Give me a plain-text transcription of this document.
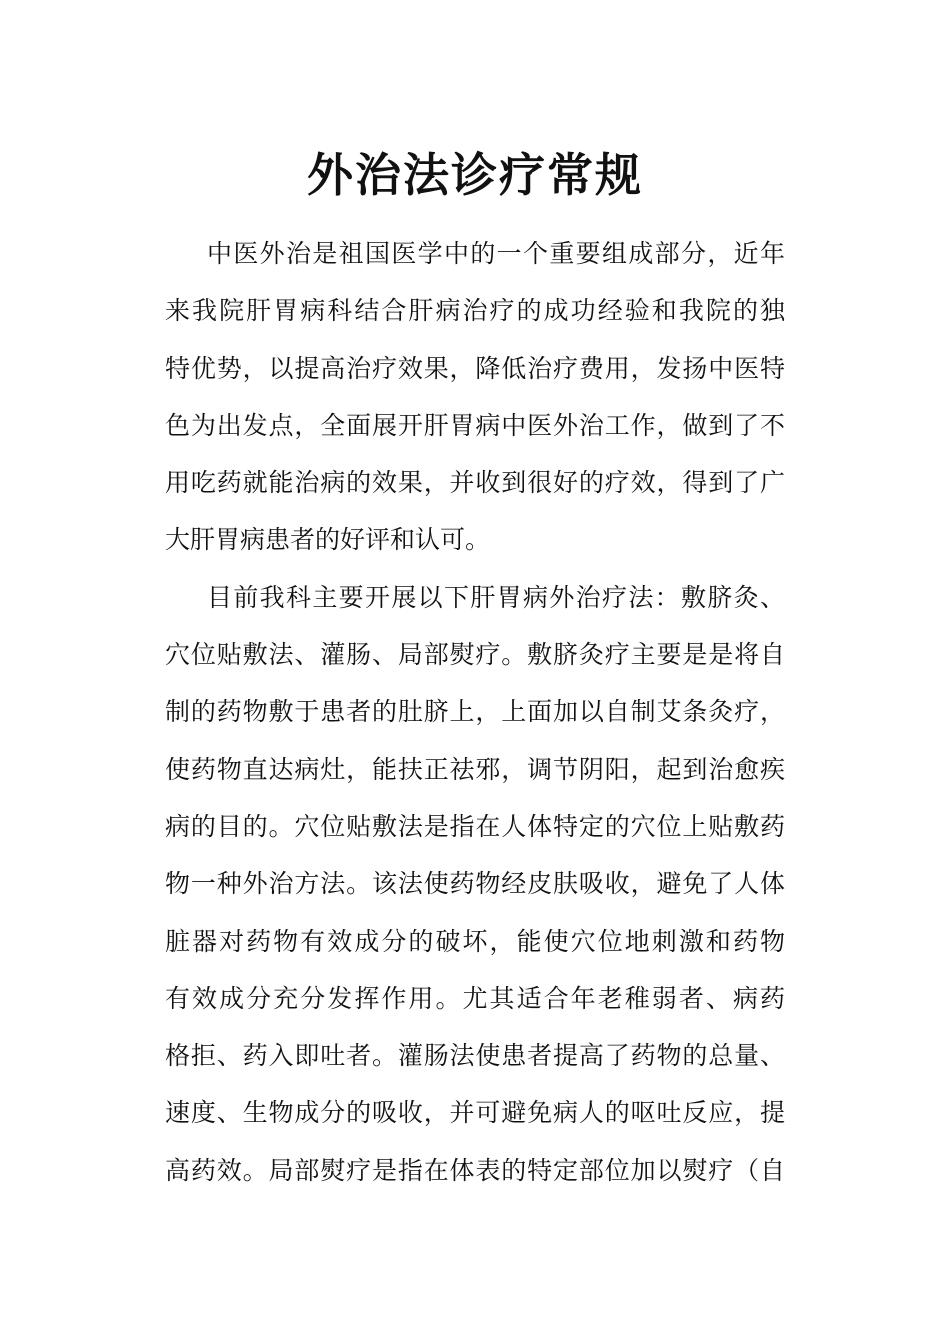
外治法诊疗常规
中医外治是祖国医学中的一个重要组成部分，近年
来我院肝胃病科结合肝病治疗的成功经验和我院的独
特优势，以提高治疗效果，降低治疗费用，发扬中医特
色为出发点，全面展开肝胃病中医外治工作，做到了不
用吃药就能治病的效果，并收到很好的疗效，得到了广
大肝胃病患者的好评和认可。
目前我科主要开展以下肝胃病外治疗法：敷脐灸、
穴位贴敷法、灌肠、局部熨疗。敷脐灸疗主要是是将自
制的药物敷于患者的肚脐上，上面加以自制艾条灸疗，
使药物直达病灶，能扶正祛邪，调节阴阳，起到治愈疾
病的目的。穴位贴敷法是指在人体特定的穴位上贴敷药
物一种外治方法。该法使药物经皮肤吸收，避免了人体
脏器对药物有效成分的破坏，能使穴位地刺激和药物
有效成分充分发挥作用。尤其适合年老稚弱者、病药
格拒、药入即吐者。灌肠法使患者提高了药物的总量、
速度、生物成分的吸收，并可避免病人的呕吐反应，提
高药效。局部熨疗是指在体表的特定部位加以熨疗（自
